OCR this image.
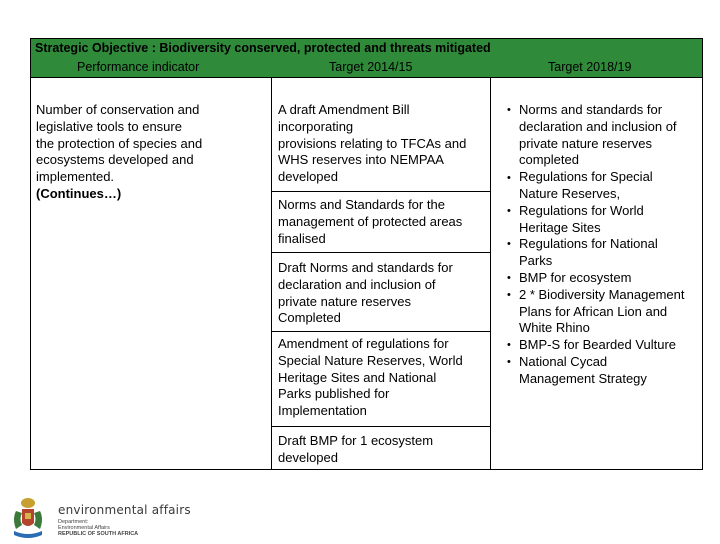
Strategic Objective : Biodiversity conserved, protected and threats mitigated
Performance indicator	Target 2014/15	Target 2018/19
Number of conservation and
legislative tools to ensure
the protection of species and
ecosystems developed and
implemented.
(Continues…)
A draft Amendment Bill
incorporating
provisions relating to TFCAs and
WHS reserves into NEMPAA
developed
Norms and Standards for the
management of protected areas
finalised
Draft Norms and standards for
declaration and inclusion of
private nature reserves
Completed
Amendment of regulations for
Special Nature Reserves, World
Heritage Sites and National
Parks published for
Implementation
Draft BMP for 1 ecosystem
developed
•
•
•
•
•
•
•
•
Norms and standards for
declaration and inclusion of
private nature reserves
completed
Regulations for Special
Nature Reserves,
Regulations for World
Heritage Sites
Regulations for National
Parks
BMP for ecosystem
2 * Biodiversity Management
Plans for African Lion and
White Rhino
BMP-S for Bearded Vulture
National Cycad
Management Strategy
environmental affairs
Department:
Environmental Affairs
REPUBLIC OF SOUTH AFRICA
